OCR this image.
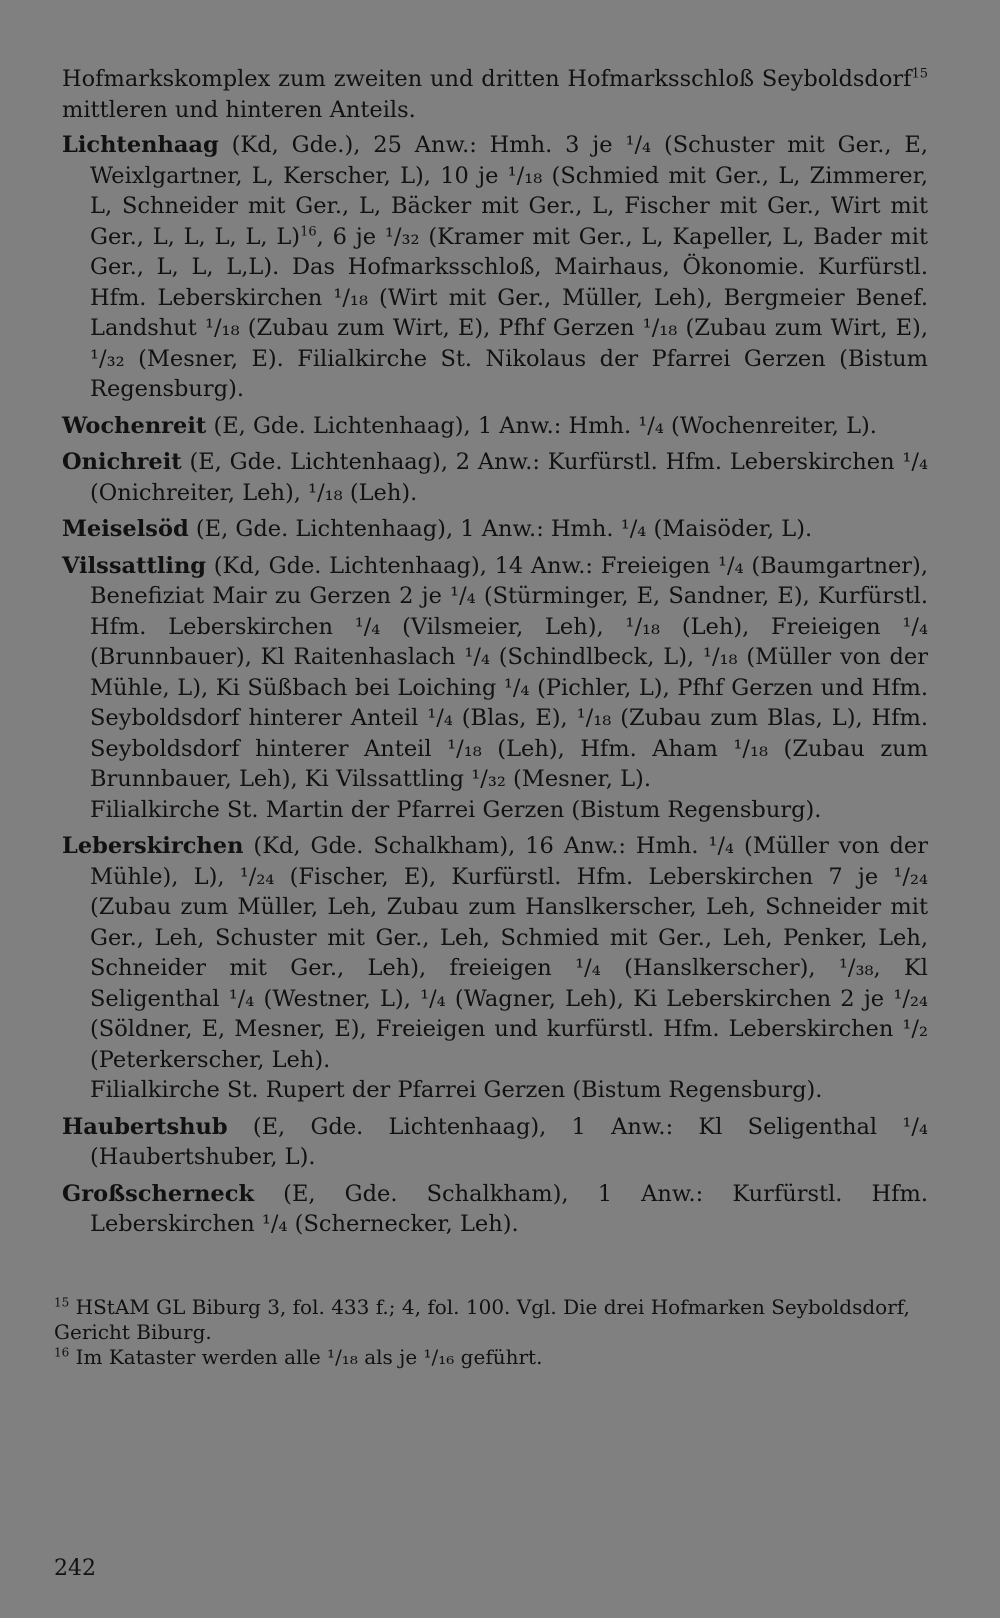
Hofmarkskomplex zum zweiten und dritten Hofmarksschloß Seyboldsdorf$^{15}$ mittleren und hinteren Anteils.

Lichtenhaag (Kd, Gde.), 25 Anw.: Hmh. 3 je ¹/₄ (Schuster mit Ger., E, Weixlgartner, L, Kerscher, L), 10 je ¹/₁₈ (Schmied mit Ger., L, Zimmerer, L, Schneider mit Ger., L, Bäcker mit Ger., L, Fischer mit Ger., Wirt mit Ger., L, L, L, L, L)$^{16}$, 6 je ¹/₃₂ (Kramer mit Ger., L, Kapeller, L, Bader mit Ger., L, L, L,L). Das Hofmarksschloß, Mairhaus, Ökonomie. Kurfürstl. Hfm. Leberskirchen ¹/₁₈ (Wirt mit Ger., Müller, Leh), Bergmeier Benef. Landshut ¹/₁₈ (Zubau zum Wirt, E), Pfhf Gerzen ¹/₁₈ (Zubau zum Wirt, E), ¹/₃₂ (Mesner, E). Filialkirche St. Nikolaus der Pfarrei Gerzen (Bistum Regensburg).

Wochenreit (E, Gde. Lichtenhaag), 1 Anw.: Hmh. ¹/₄ (Wochenreiter, L).

Onichreit (E, Gde. Lichtenhaag), 2 Anw.: Kurfürstl. Hfm. Leberskirchen ¹/₄ (Onichreiter, Leh), ¹/₁₈ (Leh).

Meiselsöd (E, Gde. Lichtenhaag), 1 Anw.: Hmh. ¹/₄ (Maisöder, L).

Vilssattling (Kd, Gde. Lichtenhaag), 14 Anw.: Freieigen ¹/₄ (Baumgartner), Benefiziat Mair zu Gerzen 2 je ¹/₄ (Stürminger, E, Sandner, E), Kurfürstl. Hfm. Leberskirchen ¹/₄ (Vilsmeier, Leh), ¹/₁₈ (Leh), Freieigen ¹/₄ (Brunnbauer), Kl Raitenhaslach ¹/₄ (Schindlbeck, L), ¹/₁₈ (Müller von der Mühle, L), Ki Süßbach bei Loiching ¹/₄ (Pichler, L), Pfhf Gerzen und Hfm. Seyboldsdorf hinterer Anteil ¹/₄ (Blas, E), ¹/₁₈ (Zubau zum Blas, L), Hfm. Seyboldsdorf hinterer Anteil ¹/₁₈ (Leh), Hfm. Aham ¹/₁₈ (Zubau zum Brunnbauer, Leh), Ki Vilssattling ¹/₃₂ (Mesner, L).

Filialkirche St. Martin der Pfarrei Gerzen (Bistum Regensburg).

Leberskirchen (Kd, Gde. Schalkham), 16 Anw.: Hmh. ¹/₄ (Müller von der Mühle), L), ¹/₂₄ (Fischer, E), Kurfürstl. Hfm. Leberskirchen 7 je ¹/₂₄ (Zubau zum Müller, Leh, Zubau zum Hanslkerscher, Leh, Schneider mit Ger., Leh, Schuster mit Ger., Leh, Schmied mit Ger., Leh, Penker, Leh, Schneider mit Ger., Leh), freieigen ¹/₄ (Hanslkerscher), ¹/₃₈, Kl Seligenthal ¹/₄ (Westner, L), ¹/₄ (Wagner, Leh), Ki Leberskirchen 2 je ¹/₂₄ (Söldner, E, Mesner, E), Freieigen und kurfürstl. Hfm. Leberskirchen ¹/₂ (Peterkerscher, Leh).

Filialkirche St. Rupert der Pfarrei Gerzen (Bistum Regensburg).

Haubertshub (E, Gde. Lichtenhaag), 1 Anw.: Kl Seligenthal ¹/₄ (Haubertshuber, L).

Großscherneck (E, Gde. Schalkham), 1 Anw.: Kurfürstl. Hfm. Leberskirchen ¹/₄ (Schernecker, Leh).

$^{15}$ HStAM GL Biburg 3, fol. 433 f.; 4, fol. 100. Vgl. Die drei Hofmarken Seyboldsdorf, Gericht Biburg.

$^{16}$ Im Kataster werden alle ¹/₁₈ als je ¹/₁₆ geführt.

242
